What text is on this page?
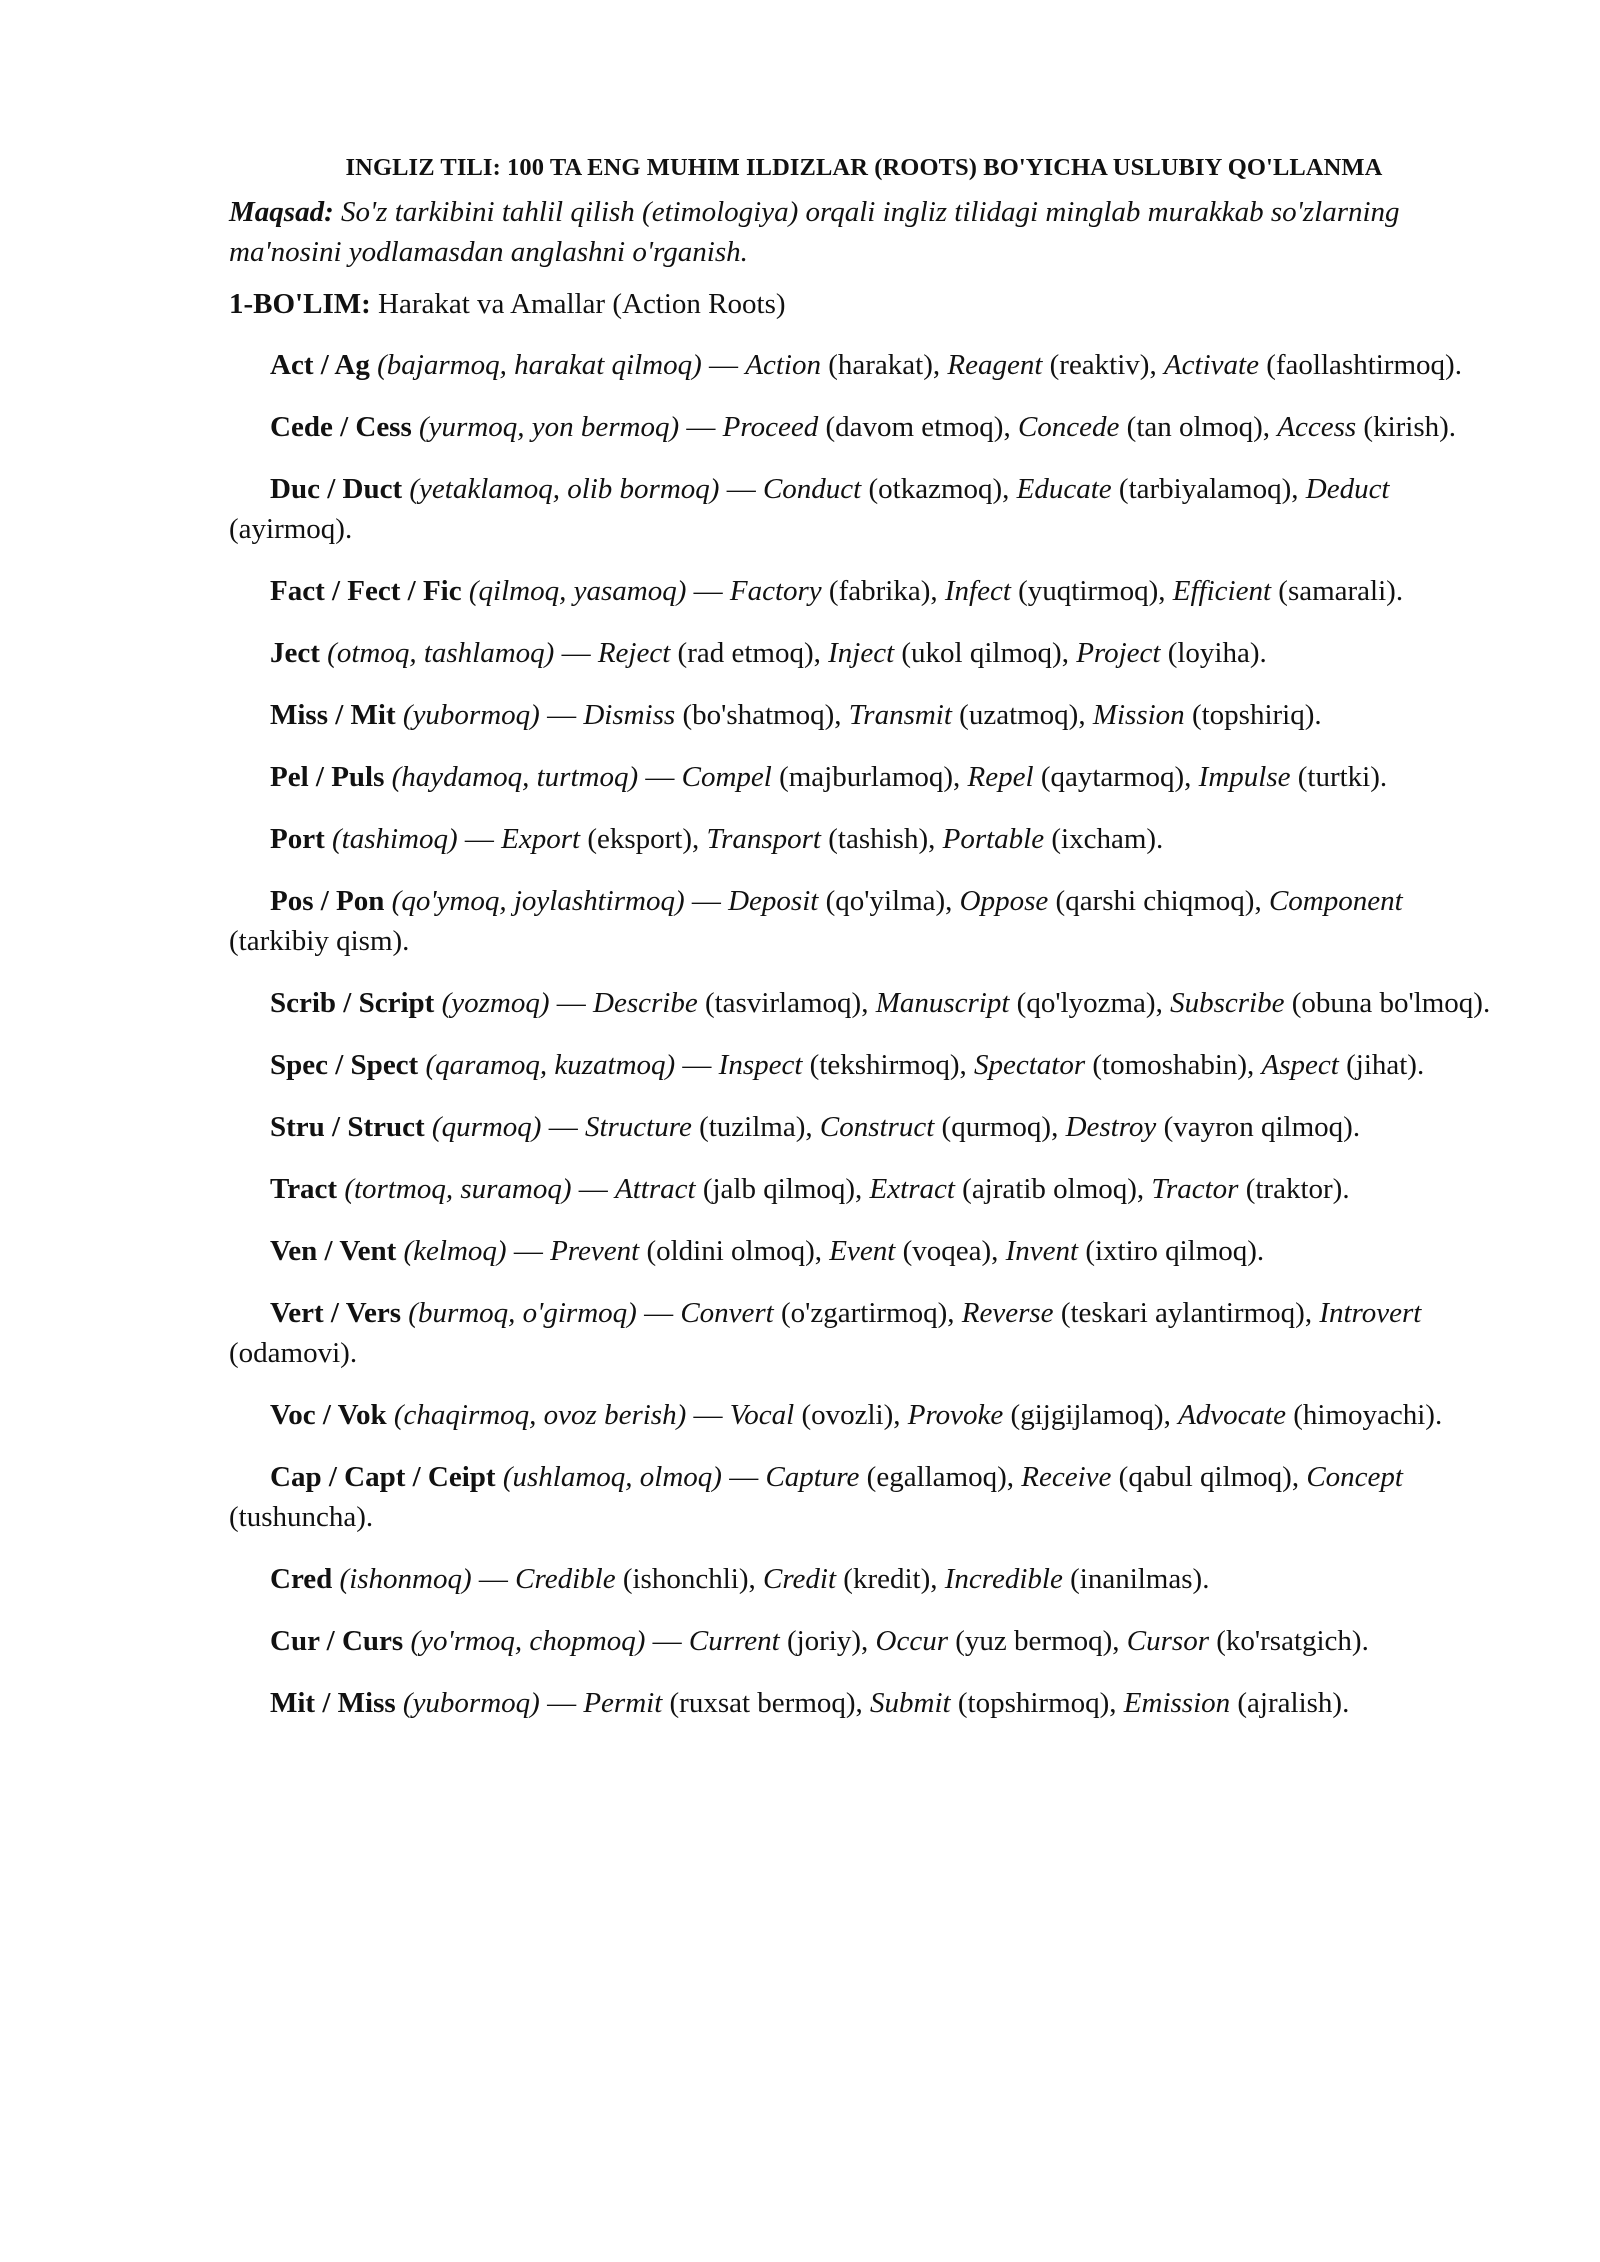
INGLIZ TILI: 100 TA ENG MUHIM ILDIZLAR (ROOTS) BO'YICHA USLUBIY QO'LLANMA

Maqsad: So'z tarkibini tahlil qilish (etimologiya) orqali ingliz tilidagi minglab murakkab so'zlarning ma'nosini yodlamasdan anglashni o'rganish.

1-BO'LIM: Harakat va Amallar (Action Roots)

Act / Ag (bajarmoq, harakat qilmoq) — Action (harakat), Reagent (reaktiv), Activate (faollashtirmoq).

Cede / Cess (yurmoq, yon bermoq) — Proceed (davom etmoq), Concede (tan olmoq), Access (kirish).

Duc / Duct (yetaklamoq, olib bormoq) — Conduct (otkazmoq), Educate (tarbiyalamoq), Deduct (ayirmoq).

Fact / Fect / Fic (qilmoq, yasamoq) — Factory (fabrika), Infect (yuqtirmoq), Efficient (samarali).

Ject (otmoq, tashlamoq) — Reject (rad etmoq), Inject (ukol qilmoq), Project (loyiha).

Miss / Mit (yubormoq) — Dismiss (bo'shatmoq), Transmit (uzatmoq), Mission (topshiriq).

Pel / Puls (haydamoq, turtmoq) — Compel (majburlamoq), Repel (qaytarmoq), Impulse (turtki).

Port (tashimoq) — Export (eksport), Transport (tashish), Portable (ixcham).

Pos / Pon (qo'ymoq, joylashtirmoq) — Deposit (qo'yilma), Oppose (qarshi chiqmoq), Component (tarkibiy qism).

Scrib / Script (yozmoq) — Describe (tasvirlamoq), Manuscript (qo'lyozma), Subscribe (obuna bo'lmoq).

Spec / Spect (qaramoq, kuzatmoq) — Inspect (tekshirmoq), Spectator (tomoshabin), Aspect (jihat).

Stru / Struct (qurmoq) — Structure (tuzilma), Construct (qurmoq), Destroy (vayron qilmoq).

Tract (tortmoq, suramoq) — Attract (jalb qilmoq), Extract (ajratib olmoq), Tractor (traktor).

Ven / Vent (kelmoq) — Prevent (oldini olmoq), Event (voqea), Invent (ixtiro qilmoq).

Vert / Vers (burmoq, o'girmoq) — Convert (o'zgartirmoq), Reverse (teskari aylantirmoq), Introvert (odamovi).

Voc / Vok (chaqirmoq, ovoz berish) — Vocal (ovozli), Provoke (gijgijlamoq), Advocate (himoyachi).

Cap / Capt / Ceipt (ushlamoq, olmoq) — Capture (egallamoq), Receive (qabul qilmoq), Concept (tushuncha).

Cred (ishonmoq) — Credible (ishonchli), Credit (kredit), Incredible (inanilmas).

Cur / Curs (yo'rmoq, chopmoq) — Current (joriy), Occur (yuz bermoq), Cursor (ko'rsatgich).

Mit / Miss (yubormoq) — Permit (ruxsat bermoq), Submit (topshirmoq), Emission (ajralish).
